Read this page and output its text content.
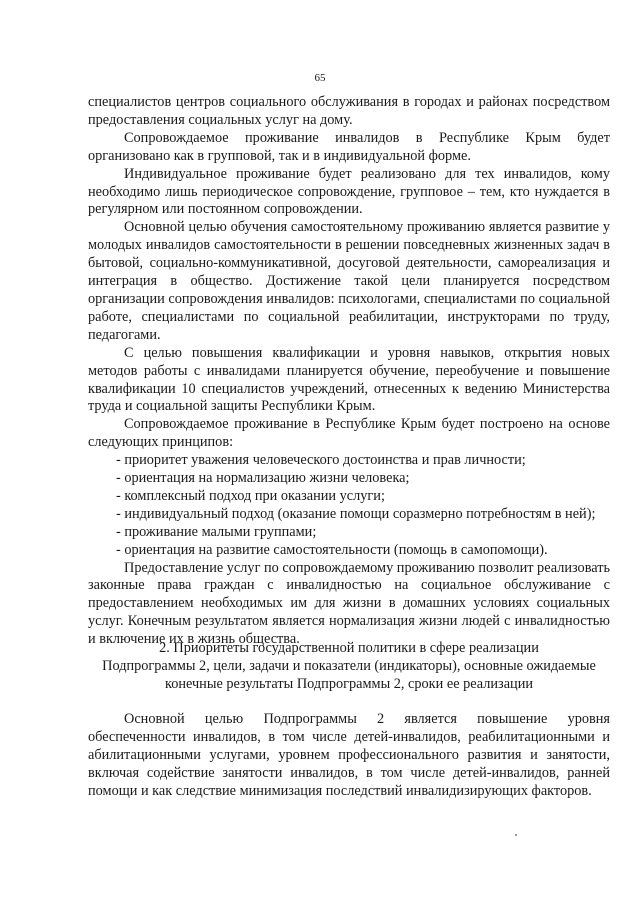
65

специалистов центров социального обслуживания в городах и районах посредством предоставления социальных услуг на дому.

Сопровождаемое проживание инвалидов в Республике Крым будет организовано как в групповой, так и в индивидуальной форме.

Индивидуальное проживание будет реализовано для тех инвалидов, кому необходимо лишь периодическое сопровождение, групповое – тем, кто нуждается в регулярном или постоянном сопровождении.

Основной целью обучения самостоятельному проживанию является развитие у молодых инвалидов самостоятельности в решении повседневных жизненных задач в бытовой, социально-коммуникативной, досуговой деятельности, самореализация и интеграция в общество. Достижение такой цели планируется посредством организации сопровождения инвалидов: психологами, специалистами по социальной работе, специалистами по социальной реабилитации, инструкторами по труду, педагогами.

С целью повышения квалификации и уровня навыков, открытия новых методов работы с инвалидами планируется обучение, переобучение и повышение квалификации 10 специалистов учреждений, отнесенных к ведению Министерства труда и социальной защиты Республики Крым.

Сопровождаемое проживание в Республике Крым будет построено на основе следующих принципов:

- приоритет уважения человеческого достоинства и прав личности;

- ориентация на нормализацию жизни человека;

- комплексный подход при оказании услуги;

- индивидуальный подход (оказание помощи соразмерно потребностям в ней);

- проживание малыми группами;

- ориентация на развитие самостоятельности (помощь в самопомощи).

Предоставление услуг по сопровождаемому проживанию позволит реализовать законные права граждан с инвалидностью на социальное обслуживание с предоставлением необходимых им для жизни в домашних условиях социальных услуг. Конечным результатом является нормализация жизни людей с инвалидностью и включение их в жизнь общества.

2. Приоритеты государственной политики в сфере реализации

Подпрограммы 2, цели, задачи и показатели (индикаторы), основные ожидаемые

конечные результаты Подпрограммы 2, сроки ее реализации

Основной целью Подпрограммы 2 является повышение уровня обеспеченности инвалидов, в том числе детей-инвалидов, реабилитационными и абилитационными услугами, уровнем профессионального развития и занятости, включая содействие занятости инвалидов, в том числе детей-инвалидов, ранней помощи и как следствие минимизация последствий инвалидизирующих факторов.
